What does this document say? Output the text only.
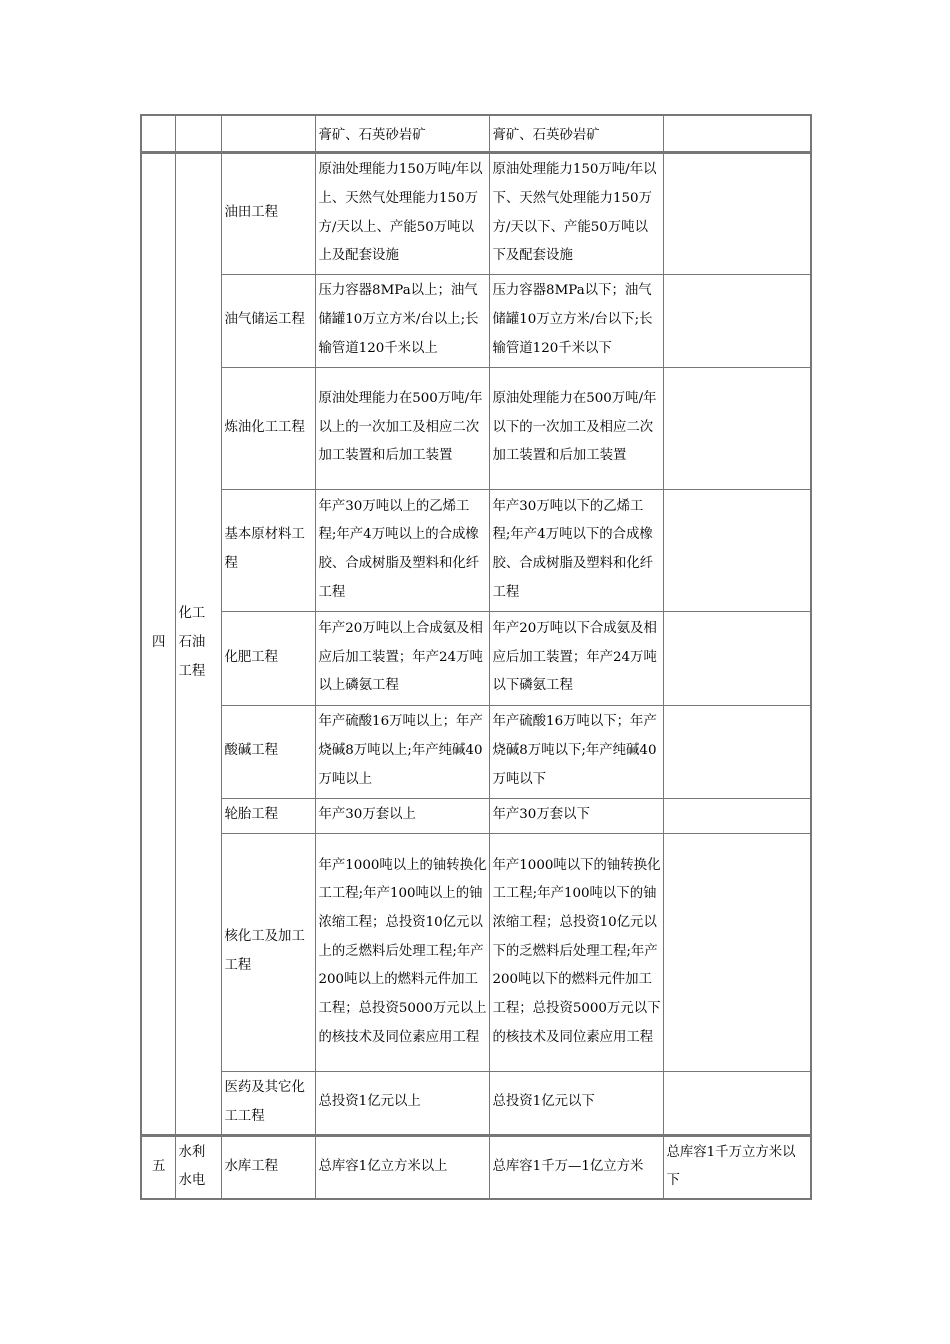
			膏矿、石英砂岩矿	膏矿、石英砂岩矿	
四	化工石油工程	油田工程	原油处理能力150万吨/年以上、天然气处理能力150万方/天以上、产能50万吨以上及配套设施	原油处理能力150万吨/年以下、天然气处理能力150万方/天以下、产能50万吨以下及配套设施	
		油气储运工程	压力容器8MPa以上；油气储罐10万立方米/台以上;长输管道120千米以上	压力容器8MPa以下；油气储罐10万立方米/台以下;长输管道120千米以下	
		炼油化工工程	原油处理能力在500万吨/年以上的一次加工及相应二次加工装置和后加工装置	原油处理能力在500万吨/年以下的一次加工及相应二次加工装置和后加工装置	
		基本原材料工程	年产30万吨以上的乙烯工程;年产4万吨以上的合成橡胶、合成树脂及塑料和化纤工程	年产30万吨以下的乙烯工程;年产4万吨以下的合成橡胶、合成树脂及塑料和化纤工程	
		化肥工程	年产20万吨以上合成氨及相应后加工装置；年产24万吨以上磷氨工程	年产20万吨以下合成氨及相应后加工装置；年产24万吨以下磷氨工程	
		酸碱工程	年产硫酸16万吨以上；年产烧碱8万吨以上;年产纯碱40万吨以上	年产硫酸16万吨以下；年产烧碱8万吨以下;年产纯碱40万吨以下	
		轮胎工程	年产30万套以上	年产30万套以下	
		核化工及加工工程	年产1000吨以上的铀转换化工工程;年产100吨以上的铀浓缩工程；总投资10亿元以上的乏燃料后处理工程;年产200吨以上的燃料元件加工工程；总投资5000万元以上的核技术及同位素应用工程	年产1000吨以下的铀转换化工工程;年产100吨以下的铀浓缩工程；总投资10亿元以下的乏燃料后处理工程;年产200吨以下的燃料元件加工工程；总投资5000万元以下的核技术及同位素应用工程	
		医药及其它化工工程	总投资1亿元以上	总投资1亿元以下	
五	水利水电	水库工程	总库容1亿立方米以上	总库容1千万—1亿立方米	总库容1千万立方米以下
